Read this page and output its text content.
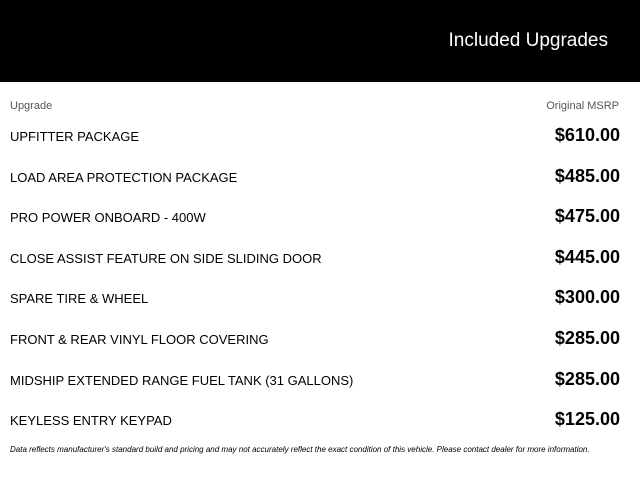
Included Upgrades
Upgrade	Original MSRP
UPFITTER PACKAGE	$610.00
LOAD AREA PROTECTION PACKAGE	$485.00
PRO POWER ONBOARD - 400W	$475.00
CLOSE ASSIST FEATURE ON SIDE SLIDING DOOR	$445.00
SPARE TIRE & WHEEL	$300.00
FRONT & REAR VINYL FLOOR COVERING	$285.00
MIDSHIP EXTENDED RANGE FUEL TANK (31 GALLONS)	$285.00
KEYLESS ENTRY KEYPAD	$125.00
Data reflects manufacturer's standard build and pricing and may not accurately reflect the exact condition of this vehicle. Please contact dealer for more information.
